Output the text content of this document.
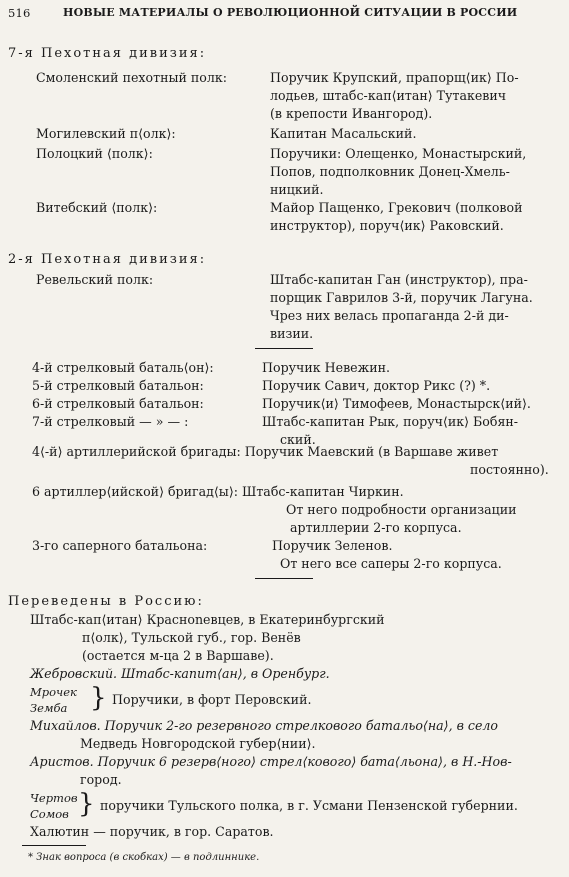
516	НОВЫЕ МАТЕРИАЛЫ О РЕВОЛЮЦИОННОЙ СИТУАЦИИ В РОССИИ
7-я Пехотная дивизия:
Смоленский пехотный полк:	Поручик Крупский, прапорщ⟨ик⟩ По-
лодьев, штабс-кап⟨итан⟩ Тутакевич
(в крепости Ивангород).
Могилевский п⟨олк⟩:	Капитан Масальский.
Полоцкий ⟨полк⟩:	Поручики: Олещенко, Монастырский,
Попов, подполковник Донец-Хмель-
ницкий.
Витебский ⟨полк⟩:	Майор Пащенко, Грекович (полковой
инструктор), поруч⟨ик⟩ Раковский.
2-я Пехотная дивизия:
Ревельский полк:	Штабс-капитан Ган (инструктор), пра-
порщик Гаврилов 3-й, поручик Лагуна.
Чрез них велась пропаганда 2-й ди-
визии.
4-й стрелковый баталь⟨он⟩:	Поручик Невежин.
5-й стрелковый батальон:	Поручик Савич, доктор Рикс (?) *.
6-й стрелковый батальон:	Поручик⟨и⟩ Тимофеев, Монастырск⟨ий⟩.
7-й стрелковый — » — :	Штабс-капитан Рык, поруч⟨ик⟩ Бобян-
ский.
4⟨-й⟩ артиллерийской бригады: Поручик Маевский (в Варшаве живет
постоянно).
6 артиллер⟨ийской⟩ бригад⟨ы⟩: Штабс-капитан Чиркин.
От него подробности организации
артиллерии 2-го корпуса.
3-го саперного батальона:	Поручик Зеленов.
От него все саперы 2-го корпуса.
Переведены в Россию:
Штабс-кап⟨итан⟩ Красноnевцев, в Екатеринбургский
п⟨олк⟩, Тульской губ., гор. Венёв
(остается м-ца 2 в Варшаве).
Жебровский. Штабс-капит⟨ан⟩, в Оренбург.
Мрочек } Поручики, в форт Перовский.
Земба
Михайлов. Поручик 2-го резервного стрелкового батальо⟨на⟩, в село
Медведь Новгородской губер⟨нии⟩.
Аристов. Поручик 6 резерв⟨ного⟩ стрел⟨кового⟩ бата⟨льона⟩, в Н.-Нов-
город.
Чертов } поручики Тульского полка, в г. Усмани Пензенской губернии.
Сомов
Халютин — поручик, в гор. Саратов.
* Знак вопроса (в скобках) — в подлиннике.
